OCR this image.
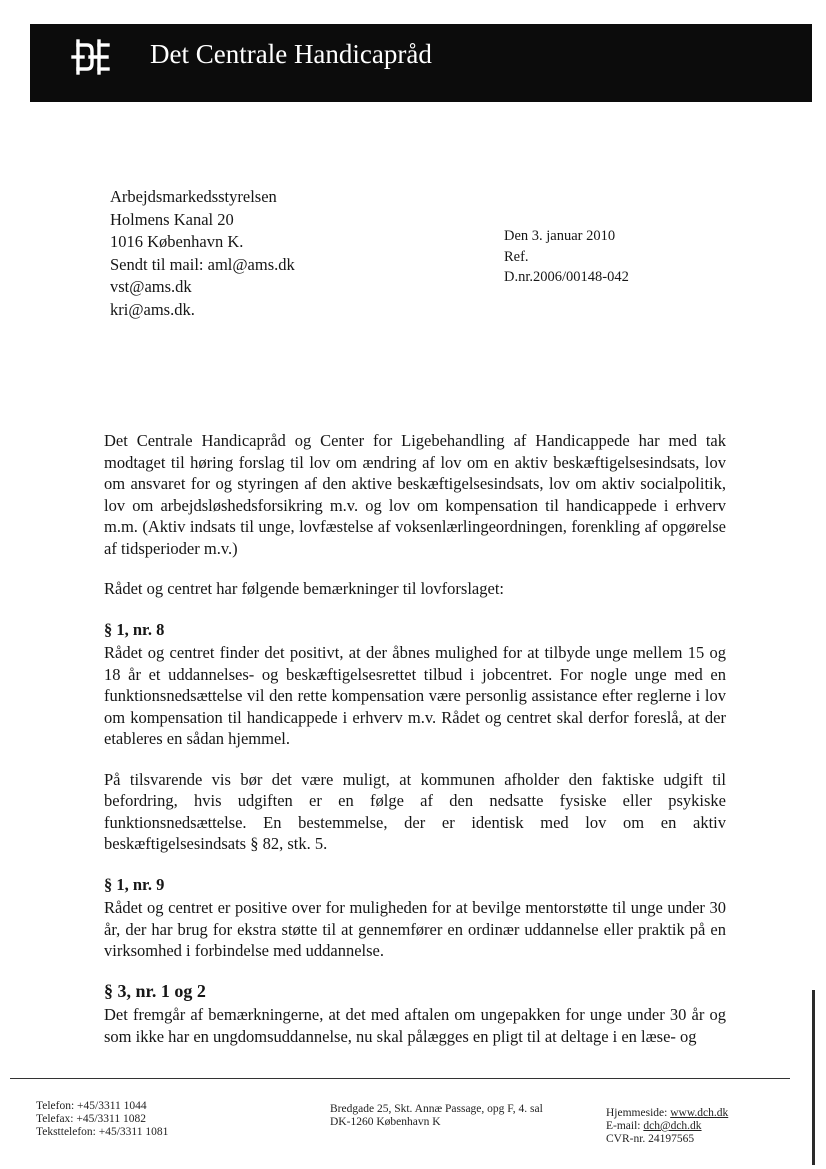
Det Centrale Handicapråd
Arbejdsmarkedsstyrelsen
Holmens Kanal 20
1016 København K.
Sendt til mail: aml@ams.dk
vst@ams.dk
kri@ams.dk.
Den 3. januar 2010
Ref.
D.nr.2006/00148-042

Det Centrale Handicapråd og Center for Ligebehandling af Handicappede har med tak modtaget til høring forslag til lov om ændring af lov om en aktiv beskæftigelsesindsats, lov om ansvaret for og styringen af den aktive beskæftigelsesindsats, lov om aktiv socialpolitik, lov om arbejdsløshedsforsikring m.v. og lov om kompensation til handicappede i erhverv m.m. (Aktiv indsats til unge, lovfæstelse af voksenlærlingeordningen, forenkling af opgørelse af tidsperioder m.v.)

Rådet og centret har følgende bemærkninger til lovforslaget:

§ 1, nr. 8

Rådet og centret finder det positivt, at der åbnes mulighed for at tilbyde unge mellem 15 og 18 år et uddannelses- og beskæftigelsesrettet tilbud i jobcentret. For nogle unge med en funktionsnedsættelse vil den rette kompensation være personlig assistance efter reglerne i lov om kompensation til handicappede i erhverv m.v. Rådet og centret skal derfor foreslå, at der etableres en sådan hjemmel.

På tilsvarende vis bør det være muligt, at kommunen afholder den faktiske udgift til befordring, hvis udgiften er en følge af den nedsatte fysiske eller psykiske funktionsnedsættelse. En bestemmelse, der er identisk med lov om en aktiv beskæftigelsesindsats § 82, stk. 5.

§ 1, nr. 9

Rådet og centret er positive over for muligheden for at bevilge mentorstøtte til unge under 30 år, der har brug for ekstra støtte til at gennemfører en ordinær uddannelse eller praktik på en virksomhed i forbindelse med uddannelse.

§ 3, nr. 1 og 2

Det fremgår af bemærkningerne, at det med aftalen om ungepakken for unge under 30 år og som ikke har en ungdomsuddannelse, nu skal pålægges en pligt til at deltage i en læse- og

Telefon: +45/3311 1044
Telefax: +45/3311 1082
Teksttelefon: +45/3311 1081
Bredgade 25, Skt. Annæ Passage, opg F, 4. sal
DK-1260 København K
Hjemmeside: www.dch.dk
E-mail: dch@dch.dk
CVR-nr. 24197565
